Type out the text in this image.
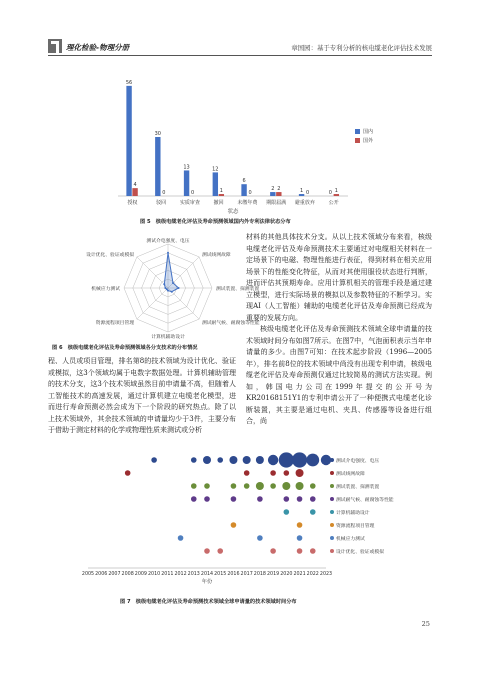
理化检验-物理分册	章国园：基于专利分析的核电缆老化评估技术发展
56
4
授权
30
0
驳回
13
0
实质审查
12
1
撤回
6
0
未缴年费
2 2
期限届满
1 0
避重放弃
0 1
公开
状态
国内
国外
图 5　核级电缆老化评估及寿命预测领域国内外专利法律状态分布
测试介电强度、电压
测试线网故障
测试装置、探测装置
测试耐气候、耐腐蚀等性能
计算机辅助设计
资源流程项目管理
机械应力测试
设计优化、验证或模拟
图 6　核级电缆老化评估及寿命预测领域各分支技术的分布情况

程、人员或项目管理，排名第8的技术领域为设计优化、验证或模拟，这3个领域均属于电数字数据处理。计算机辅助管理的技术分支，这3个技术领域虽然目前申请量不高，但随着人工智能技术的高速发展，通过计算机建立电缆老化模型，进而进行寿命预测必然会成为下一个阶段的研究热点。除了以上技术领域外，其余技术领域的申请量均少于3件，主要分布于借助于测定材料的化学或物理性质来测试或分析

材料的其他具体技术分支。从以上技术领域分布来看，核级电缆老化评估及寿命预测技术主要通过对电缆相关材料在一定场景下的电磁、物理性能进行表征，得到材料在相关应用场景下的性能变化特征，从而对其使用服役状态进行判断，进而评估其预期寿命。应用计算机相关的管理手段是通过建立模型，进行实际场景的模拟以及参数特征的不断学习。实现AI（人工智能）辅助的电缆老化评估及寿命预测已经成为重要的发展方向。

核级电缆老化评估及寿命预测技术领域全球申请量的技术领域时间分布如图7所示。在图7中，气泡面积表示当年申请量的多少。由图7可知：在技术起步阶段（1996—2005年），排名前8位的技术领域中尚没有出现专利申请，核级电缆老化评估及寿命预测仅通过比较简易的测试方法实现。例如，韩国电力公司在1999年提交的公开号为KR20168151Y1的专利申请公开了一种便携式电缆老化诊断装置，其主要是通过电机、夹具、传感器等设备进行组合，尚

2005 2006 2007 2008 2009 2010 2011 2012 2013 2014 2015 2016 2017 2018 2019 2020 2021 2022 2023
年份
测试介电强度、电压
测试线网故障
测试装置、探测装置
测试耐气候、耐腐蚀等性能
计算机辅助设计
资源流程项目管理
机械应力测试
设计优化、验证或模拟
图 7　核级电缆老化评估及寿命预测技术领域全球申请量的技术领域时间分布
25
